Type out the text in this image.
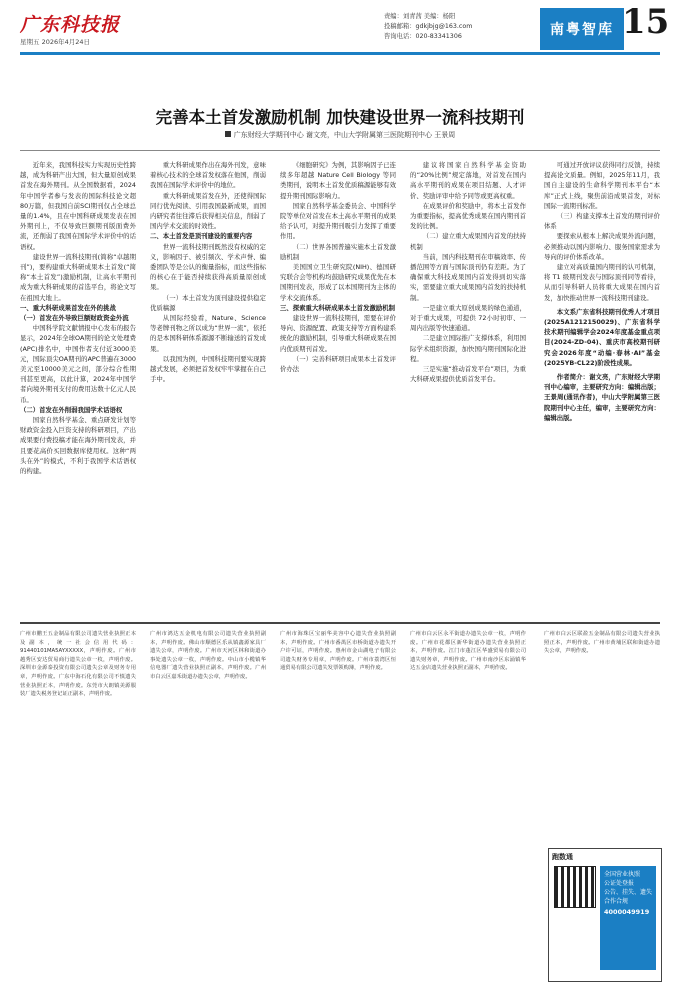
广东科技报
星期五 2026年4月24日
责编：刘青茜 美编：杨阳
投稿邮箱：gdkjbjg@163.com
咨询电话：020-83341306	南粤智库 15
完善本土首发激励机制 加快建设世界一流科技期刊
广东财经大学期刊中心 谢文亮，中山大学附属第三医院期刊中心 王景周

近年来，我国科技实力实现历史性跨越，成为科研产出大国，但大量原创成果首发在海外期刊。从全国数据看，2024年中国学者参与发表的国际科技论文超80万篇，但我国自前SCI期刊仅占全球总量的1.4%，且在中国科研成果发表在国外期刊上，不仅导致巨额期刊版面费外流，还削弱了我国在国际学术评价中的话语权。

建设世界一流科技期刊(简称“卓越期刊”)，要构建重大科研成果本土首发(“简称“本土首发”)激励机制，让高水平期刊成为重大科研成果的首选平台，将论文写在祖国大地上。

一、重大科研成果首发在外的挑战

（一）首发在外导致巨额财政资金外流

中国科学院文献情报中心发布的报告显示，2024年全球OA期刊的论文处理费(APC)排名中，中国作者支付近3000美元，国际顶尖OA期刊的APC普遍在3000美元至10000美元之间，部分综合性期刊甚至更高，以此计算，2024年中国学者向境外期刊支付的费用达数十亿元人民币。

（二）首发在外削弱我国学术话语权

国家自然科学基金、重点研发计划等财政资金投入巨资支持的科研项目，产出成果要付费投稿才能在海外期刊发表，并且要花高价买回数据库使用权。这种“两头在外”的模式，不利于我国学术话语权的构建。

重大科研成果作出在海外刊发，意味着核心技术的全球首发权落在他国，削弱我国在国际学术评价中的地位。

重大科研成果首发在外，还使得国际同行优先阅读、引用我国最新成果，而国内研究者往往滞后获得相关信息，削弱了国内学术交流的时效性。

二、本土首发是顶刊建设的重要内容

世界一流科技期刊既然没有权威的定义，影响因子、被引频次、学术声誉、编委团队等是公认的衡量指标，而这些指标的核心在于能否持续获得高质量原创成果。

（一）本土首发为顶刊建设提供稳定优质稿源

从国际经验看，Nature、Science 等老牌刊物之所以成为“世界一流”，依托的是本国科研体系源源不断输送的首发成果。

以我国为例，中国科技期刊要实现跨越式发展，必须把首发权牢牢掌握在自己手中。

《细胞研究》为例，其影响因子已连续多年超越 Nature Cell Biology 等同类期刊，说明本土首发优质稿源能够有效提升期刊国际影响力。

国家自然科学基金委员会、中国科学院等单位对首发在本土高水平期刊的成果给予认可，对提升期刊吸引力发挥了重要作用。

（二）世界各国普遍实施本土首发激励机制

美国国立卫生研究院(NIH)、德国研究联合会等机构均鼓励研究成果优先在本国期刊发表，形成了以本国期刊为主体的学术交流体系。

三、探索重大科研成果本土首发激励机制

建设世界一流科技期刊，需要在评价导向、资源配置、政策支持等方面构建系统化的激励机制，引导重大科研成果在国内优质期刊首发。

（一）完善科研项目成果本土首发评价办法

建议将国家自然科学基金资助的“20%比例”规定落地，对首发在国内高水平期刊的成果在项目结题、人才评价、奖励评审中给予同等或更高权重。

在成果评价和奖励中，将本土首发作为重要指标，提高优秀成果在国内期刊首发的比例。

（二）建立重大成果国内首发的扶持机制

当前，国内科技期刊在审稿效率、传播范围等方面与国际顶刊仍有差距。为了确保重大科技成果国内首发得到切实落实，需要建立重大成果国内首发的扶持机制。

一是建立重大原创成果的绿色通道，对于重大成果，可提供 72小时初审、一周内出版等快速通道。

二是建立国际推广支撑体系，利用国际学术组织资源，加快国内期刊国际化进程。

三是实施“推动首发平台”项目，为重大科研成果提供优质首发平台。

可通过开放评议获得同行反馈，持续提高论文质量。例如，2025年11月，我国自主建设的生命科学期刊本平台“本库”正式上线，聚焦前沿成果首发，对标国际一流期刊标准。

（三）构建支撑本土首发的期刊评价体系

要探索从根本上解决成果外流问题，必须推动以国内影响力、服务国家需求为导向的评价体系改革。

建立对高质量国内期刊的认可机制，将 T1 级期刊发表与国际顶刊同等看待，从而引导科研人员将重大成果在国内首发，加快推动世界一流科技期刊建设。

本文系广东省科技期刊优秀人才项目(2025A1212150029)、广东省科学技术期刊编辑学会2024年度基金重点项目(2024-ZD-04)、重庆市高校期刊研究会2026年度“动编·春林·AI”基金(2025YB-CL22)阶段性成果。

作者简介：谢文亮，广东财经大学期刊中心编审，主要研究方向：编辑出版；王景周(通讯作者)，中山大学附属第三医院期刊中心主任，编审，主要研究方向：编辑出版。

广州市鹏王五金制品有限公司遗失营业执照正本及副本，统一社会信用代码：91440101MA5AYXXXXX，声明作废。广州市越秀区安达贸易商行遗失公章一枚，声明作废。深圳市金源泰投资有限公司遗失公章及财务专用章，声明作废。广东中海石化有限公司不慎遗失营业执照正本，声明作废。东莞市大朗镇美源服装厂遗失税务登记证正副本，声明作废。
广州市鸿达五金机电有限公司遗失营业执照副本，声明作废。佛山市顺德区乐从镇鑫源家具厂遗失公章，声明作废。广州市天河区林和街道办事处遗失公章一枚，声明作废。中山市小榄镇华信电器厂遗失营业执照正副本，声明作废。广州市白云区嘉禾街道办遗失公章，声明作废。
广州市海珠区宝丽华美容中心遗失营业执照副本，声明作废。广州市番禺区市桥街道办遗失开户许可证，声明作废。惠州市金山湖电子有限公司遗失财务专用章，声明作废。广州市荔湾区恒通贸易有限公司遗失发票领购簿，声明作废。
广州市白云区永平街道办遗失公章一枚，声明作废。广州市花都区新华街道办遗失营业执照正本，声明作废。江门市蓬江区华盛贸易有限公司遗失财务章，声明作废。广州市南沙区东涌镇华达五金店遗失营业执照正副本，声明作废。
广州市白云区联盈五金制品有限公司遗失营业执照正本，声明作废。广州市黄埔区联和街道办遗失公章，声明作废。
跑数通
全国营业执照
公证处登报
公告、挂失、遗失
合作合规
4000049919
